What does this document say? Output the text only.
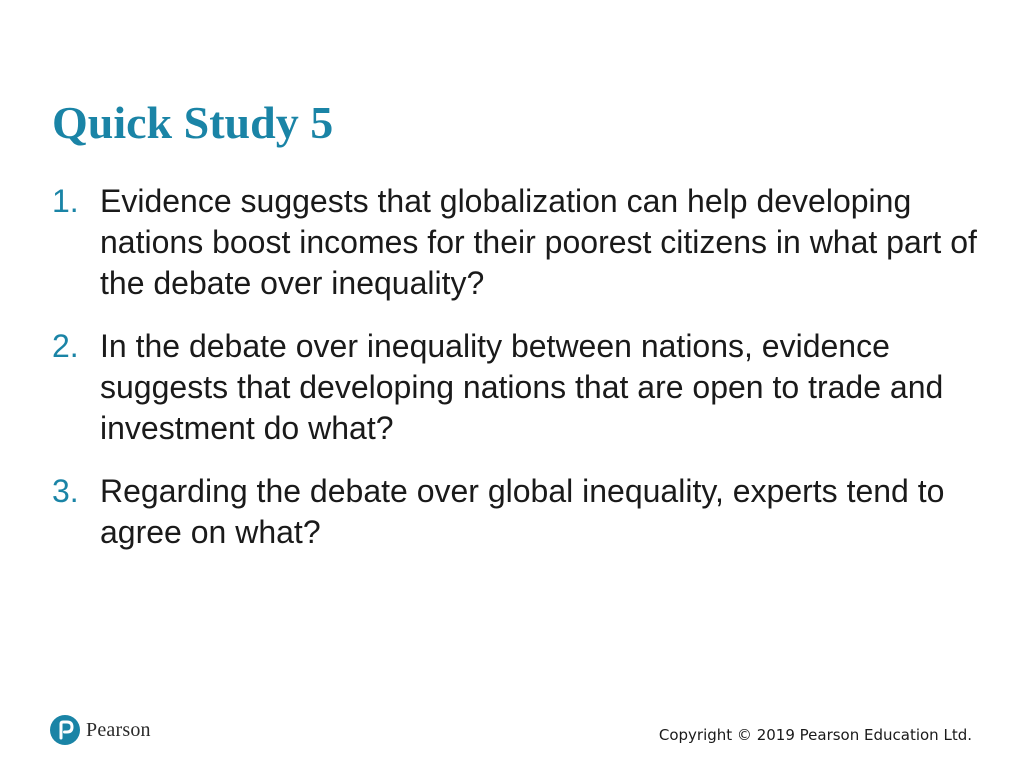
Quick Study 5
1. Evidence suggests that globalization can help developing nations boost incomes for their poorest citizens in what part of the debate over inequality?
2. In the debate over inequality between nations, evidence suggests that developing nations that are open to trade and investment do what?
3. Regarding the debate over global inequality, experts tend to agree on what?
Pearson	Copyright © 2019 Pearson Education Ltd.
